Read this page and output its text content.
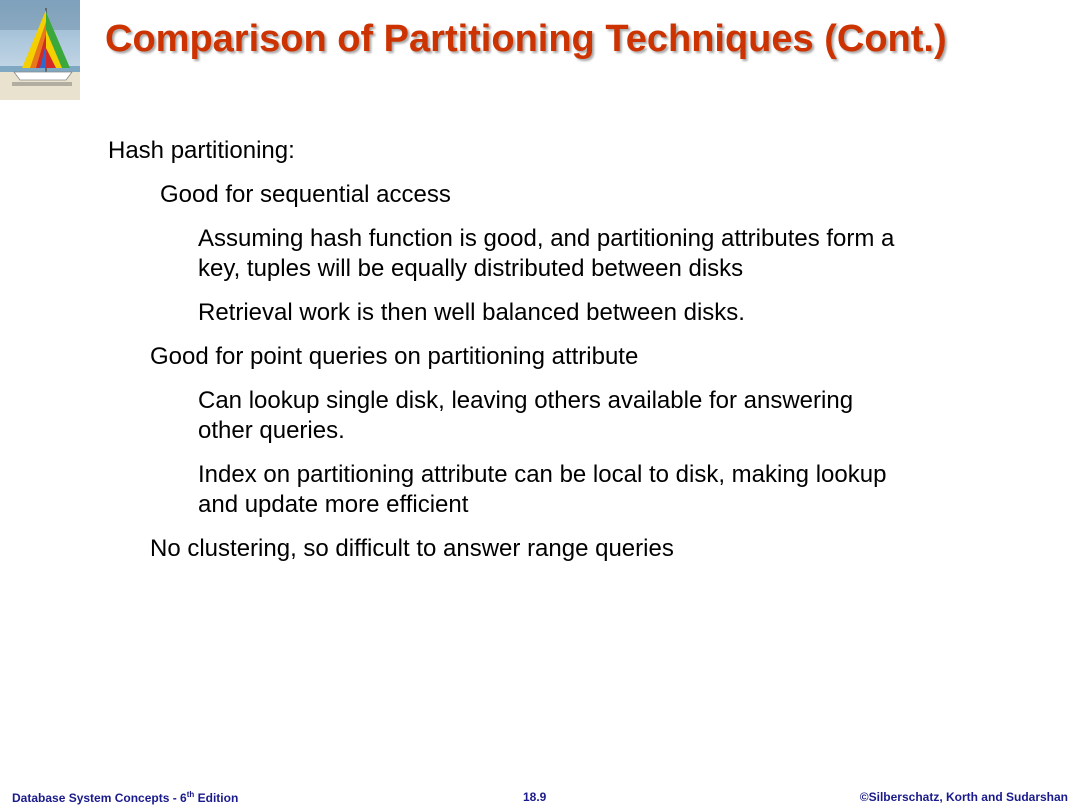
Comparison of Partitioning Techniques (Cont.)
Hash partitioning:
Good for sequential access
Assuming hash function is good, and partitioning attributes form a
key, tuples will be equally distributed between disks
Retrieval work is then well balanced between disks.
Good for point queries on partitioning attribute
Can lookup single disk, leaving others available for answering
other queries.
Index on partitioning attribute can be local to disk, making lookup
and update more efficient
No clustering, so difficult to answer range queries
Database System Concepts - 6th Edition	18.9	©Silberschatz, Korth and Sudarshan
